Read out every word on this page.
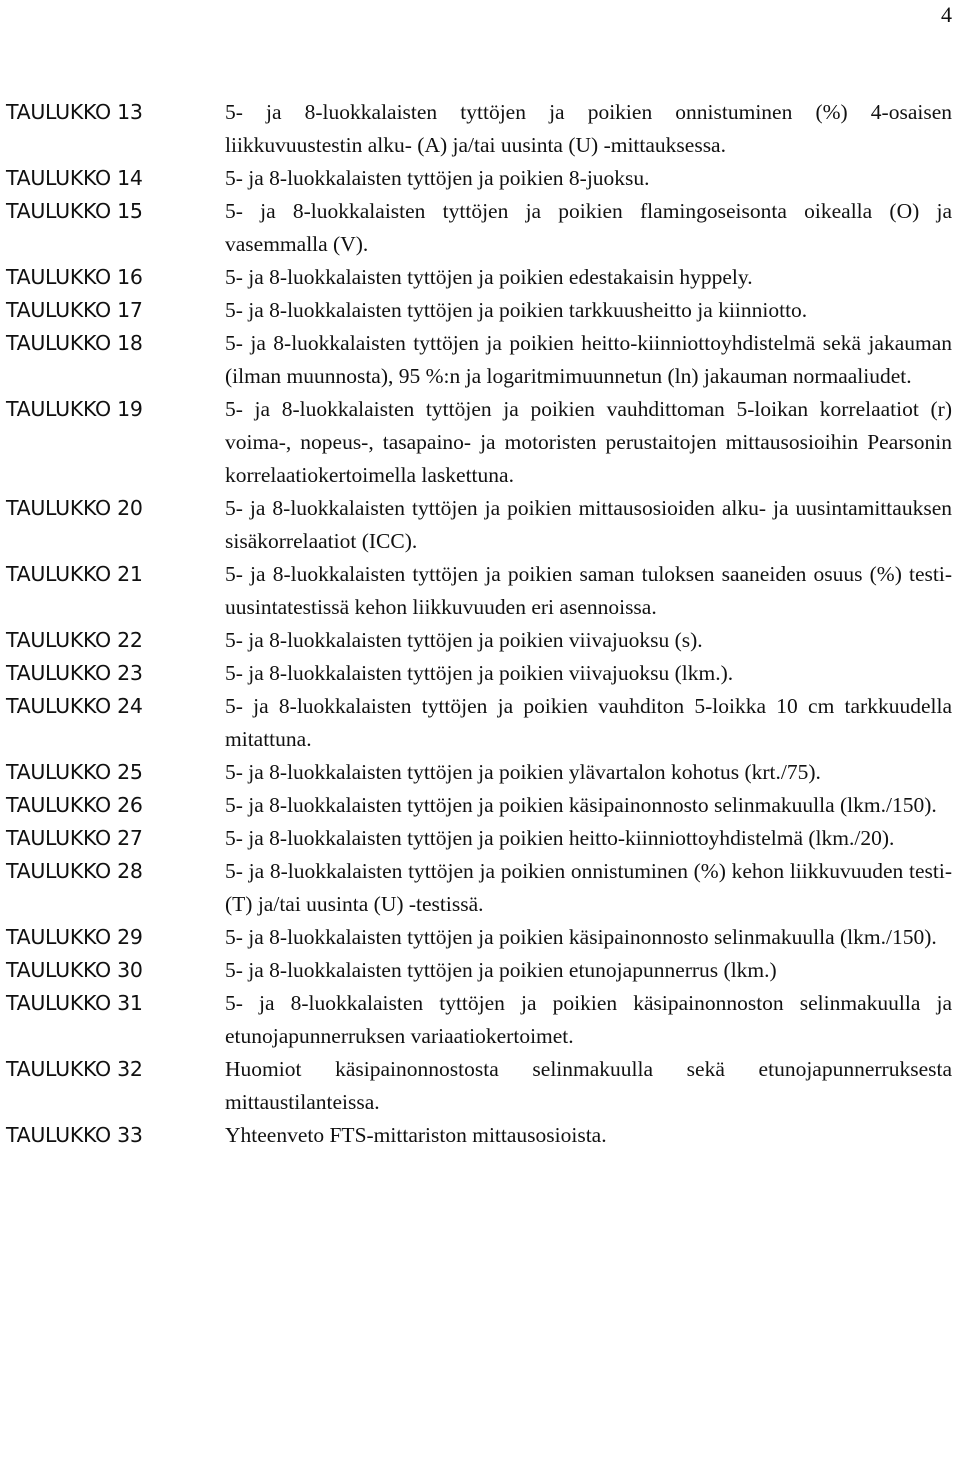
4
TAULUKKO 13	5- ja 8-luokkalaisten tyttöjen ja poikien onnistuminen (%) 4-osaisen liikkuvuustestin alku- (A) ja/tai uusinta (U) -mittauksessa.
TAULUKKO 14	5- ja 8-luokkalaisten tyttöjen ja poikien 8-juoksu.
TAULUKKO 15	5- ja 8-luokkalaisten tyttöjen ja poikien flamingoseisonta oikealla (O) ja vasemmalla (V).
TAULUKKO 16	5- ja 8-luokkalaisten tyttöjen ja poikien edestakaisin hyppely.
TAULUKKO 17	5- ja 8-luokkalaisten tyttöjen ja poikien tarkkuusheitto ja kiinniotto.
TAULUKKO 18	5- ja 8-luokkalaisten tyttöjen ja poikien heitto-kiinniottoyhdistelmä sekä jakauman (ilman muunnosta), 95 %:n ja logaritmimuunnetun (ln) jakauman normaaliudet.
TAULUKKO 19	5- ja 8-luokkalaisten tyttöjen ja poikien vauhdittoman 5-loikan korrelaatiot (r) voima-, nopeus-, tasapaino- ja motoristen perustaitojen mittausosioihin Pearsonin korrelaatiokertoimella laskettuna.
TAULUKKO 20	5- ja 8-luokkalaisten tyttöjen ja poikien mittausosioiden alku- ja uusintamittauksen sisäkorrelaatiot (ICC).
TAULUKKO 21	5- ja 8-luokkalaisten tyttöjen ja poikien saman tuloksen saaneiden osuus (%) testi-uusintatestissä kehon liikkuvuuden eri asennoissa.
TAULUKKO 22	5- ja 8-luokkalaisten tyttöjen ja poikien viivajuoksu (s).
TAULUKKO 23	5- ja 8-luokkalaisten tyttöjen ja poikien viivajuoksu (lkm.).
TAULUKKO 24	5- ja 8-luokkalaisten tyttöjen ja poikien vauhditon 5-loikka 10 cm tarkkuudella mitattuna.
TAULUKKO 25	5- ja 8-luokkalaisten tyttöjen ja poikien ylävartalon kohotus (krt./75).
TAULUKKO 26	5- ja 8-luokkalaisten tyttöjen ja poikien käsipainonnosto selinmakuulla (lkm./150).
TAULUKKO 27	5- ja 8-luokkalaisten tyttöjen ja poikien heitto-kiinniottoyhdistelmä (lkm./20).
TAULUKKO 28	5- ja 8-luokkalaisten tyttöjen ja poikien onnistuminen (%) kehon liikkuvuuden testi- (T) ja/tai uusinta (U) -testissä.
TAULUKKO 29	5- ja 8-luokkalaisten tyttöjen ja poikien käsipainonnosto selinmakuulla (lkm./150).
TAULUKKO 30	5- ja 8-luokkalaisten tyttöjen ja poikien etunojapunnerrus (lkm.)
TAULUKKO 31	5- ja 8-luokkalaisten tyttöjen ja poikien käsipainonnoston selinmakuulla ja etunojapunnerruksen variaatiokertoimet.
TAULUKKO 32	Huomiot käsipainonnostosta selinmakuulla sekä etunojapunnerruksesta mittaustilanteissa.
TAULUKKO 33	Yhteenveto FTS-mittariston mittausosioista.
